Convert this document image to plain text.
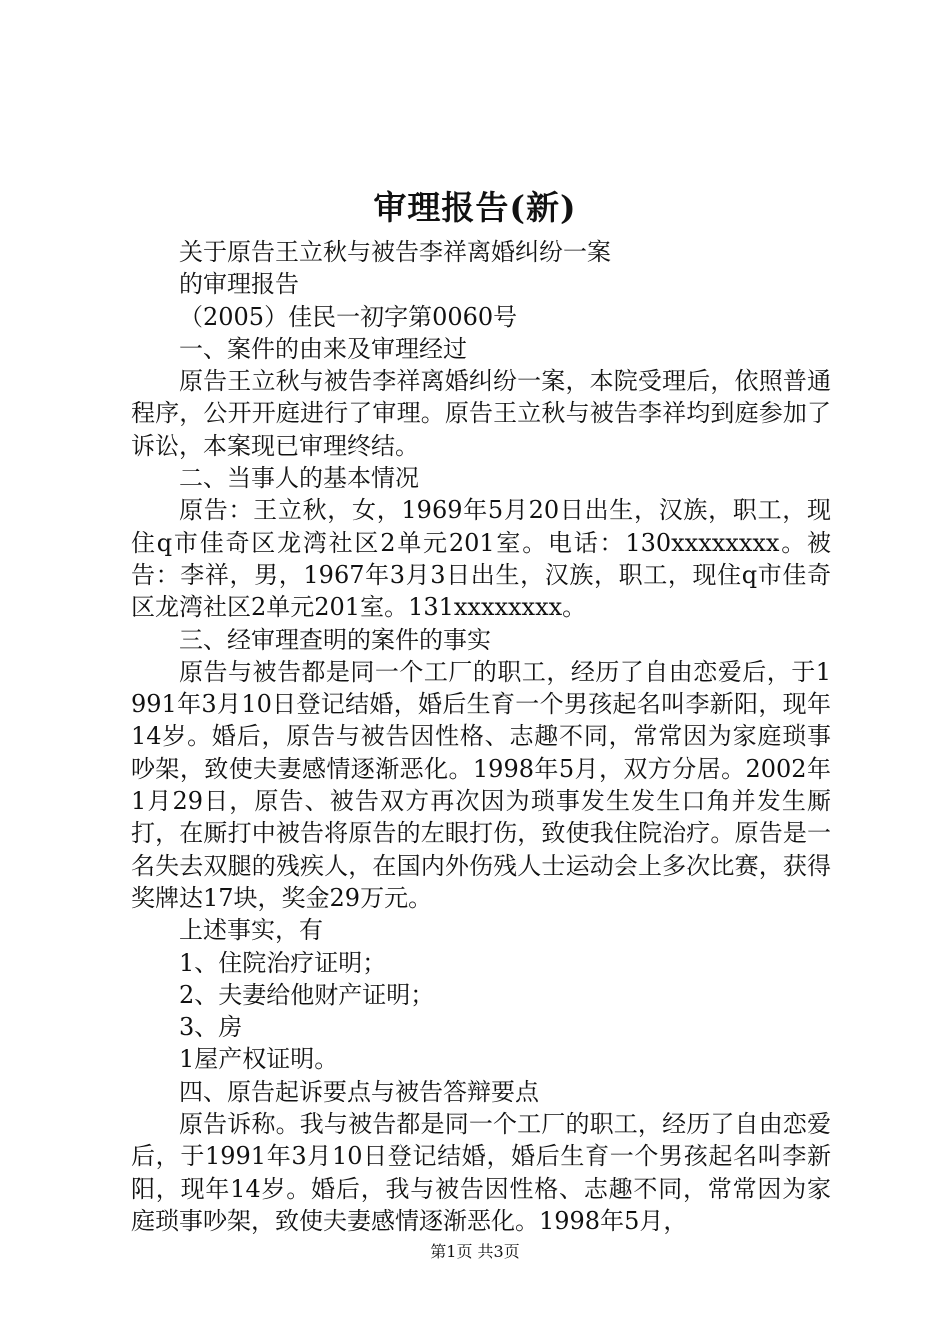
审理报告(新)

关于原告王立秋与被告李祥离婚纠纷一案

的审理报告

（2005）佳民一初字第0060号

一、案件的由来及审理经过

原告王立秋与被告李祥离婚纠纷一案，本院受理后，依照普通程序，公开开庭进行了审理。原告王立秋与被告李祥均到庭参加了诉讼，本案现已审理终结。

二、当事人的基本情况

原告：王立秋，女，1969年5月20日出生，汉族，职工，现住q市佳奇区龙湾社区2单元201室。电话：130xxxxxxxx。被告：李祥，男，1967年3月3日出生，汉族，职工，现住q市佳奇区龙湾社区2单元201室。131xxxxxxxx。

三、经审理查明的案件的事实

原告与被告都是同一个工厂的职工，经历了自由恋爱后，于1991年3月10日登记结婚，婚后生育一个男孩起名叫李新阳，现年14岁。婚后，原告与被告因性格、志趣不同，常常因为家庭琐事吵架，致使夫妻感情逐渐恶化。1998年5月，双方分居。2002年1月29日，原告、被告双方再次因为琐事发生发生口角并发生厮打，在厮打中被告将原告的左眼打伤，致使我住院治疗。原告是一名失去双腿的残疾人，在国内外伤残人士运动会上多次比赛，获得奖牌达17块，奖金29万元。

上述事实，有

1、住院治疗证明；

2、夫妻给他财产证明；

3、房

1屋产权证明。

四、原告起诉要点与被告答辩要点

原告诉称。我与被告都是同一个工厂的职工，经历了自由恋爱后，于1991年3月10日登记结婚，婚后生育一个男孩起名叫李新阳，现年14岁。婚后，我与被告因性格、志趣不同，常常因为家庭琐事吵架，致使夫妻感情逐渐恶化。1998年5月，

第1页 共3页
